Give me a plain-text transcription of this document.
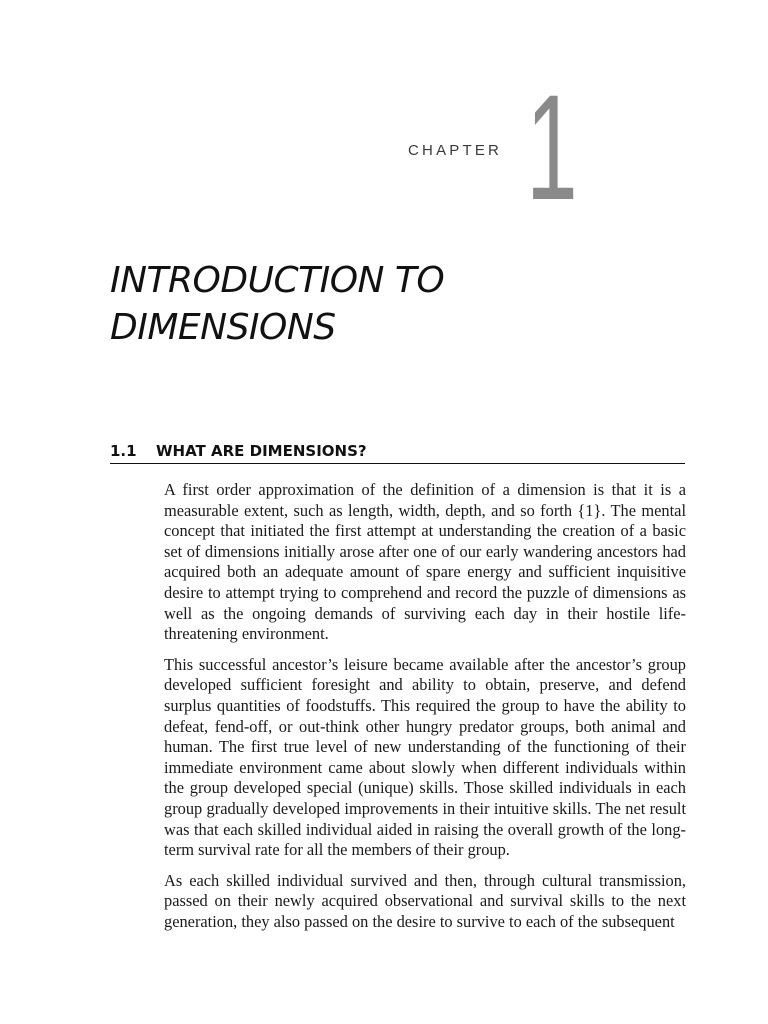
CHAPTER 1
INTRODUCTION TO
DIMENSIONS
1.1 WHAT ARE DIMENSIONS?

A first order approximation of the definition of a dimension is that it is a measurable extent, such as length, width, depth, and so forth {1}. The mental concept that initiated the first attempt at understanding the creation of a basic set of dimensions initially arose after one of our early wandering ancestors had acquired both an adequate amount of spare energy and sufficient inquisitive desire to attempt trying to comprehend and record the puzzle of dimensions as well as the ongoing demands of surviving each day in their hostile life-threatening environment.

This successful ancestor’s leisure became available after the ancestor’s group developed sufficient foresight and ability to obtain, preserve, and defend surplus quantities of foodstuffs. This required the group to have the ability to defeat, fend-off, or out-think other hungry predator groups, both animal and human. The first true level of new understanding of the functioning of their immediate environment came about slowly when different individuals within the group developed special (unique) skills. Those skilled individuals in each group gradually developed improvements in their intuitive skills. The net result was that each skilled individual aided in raising the overall growth of the long-term survival rate for all the members of their group.

As each skilled individual survived and then, through cultural transmission, passed on their newly acquired observational and survival skills to the next generation, they also passed on the desire to survive to each of the subsequent
